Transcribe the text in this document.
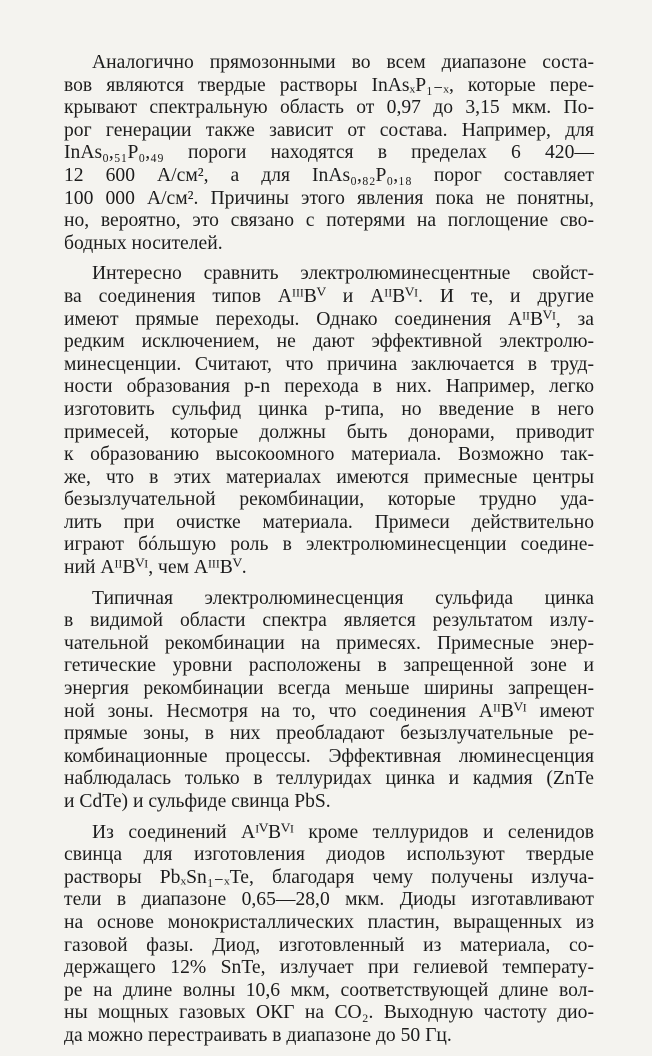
Аналогично прямозонными во всем диапазоне соста-
вов являются твердые растворы InAsₓP₁₋ₓ, которые пере-
крывают спектральную область от 0,97 до 3,15 мкм. По-
рог генерации также зависит от состава. Например, для
InAs₀,₅₁P₀,₄₉ пороги находятся в пределах 6 420—
12 600 А/см², а для InAs₀,₈₂P₀,₁₈ порог составляет
100 000 А/см². Причины этого явления пока не понятны,
но, вероятно, это связано с потерями на поглощение сво-
бодных носителей.

Интересно сравнить электролюминесцентные свойст-
ва соединения типов AᴵᴵᴵBⱽ и AᴵᴵBⱽᴵ. И те, и другие
имеют прямые переходы. Однако соединения AᴵᴵBⱽᴵ, за
редким исключением, не дают эффективной электролю-
минесценции. Считают, что причина заключается в труд-
ности образования p-n перехода в них. Например, легко
изготовить сульфид цинка p-типа, но введение в него
примесей, которые должны быть донорами, приводит
к образованию высокоомного материала. Возможно так-
же, что в этих материалах имеются примесные центры
безызлучательной рекомбинации, которые трудно уда-
лить при очистке материала. Примеси действительно
играют бóльшую роль в электролюминесценции соедине-
ний AᴵᴵBⱽᴵ, чем AᴵᴵᴵBⱽ.

Типичная электролюминесценция сульфида цинка
в видимой области спектра является результатом излу-
чательной рекомбинации на примесях. Примесные энер-
гетические уровни расположены в запрещенной зоне и
энергия рекомбинации всегда меньше ширины запрещен-
ной зоны. Несмотря на то, что соединения AᴵᴵBⱽᴵ имеют
прямые зоны, в них преобладают безызлучательные ре-
комбинационные процессы. Эффективная люминесценция
наблюдалась только в теллуридах цинка и кадмия (ZnTe
и CdTe) и сульфиде свинца PbS.

Из соединений AᴵⱽBⱽᴵ кроме теллуридов и селенидов
свинца для изготовления диодов используют твердые
растворы PbₓSn₁₋ₓTe, благодаря чему получены излуча-
тели в диапазоне 0,65—28,0 мкм. Диоды изготавливают
на основе монокристаллических пластин, выращенных из
газовой фазы. Диод, изготовленный из материала, со-
держащего 12% SnTe, излучает при гелиевой температу-
ре на длине волны 10,6 мкм, соответствующей длине вол-
ны мощных газовых ОКГ на CO₂. Выходную частоту дио-
да можно перестраивать в диапазоне до 50 Гц.
